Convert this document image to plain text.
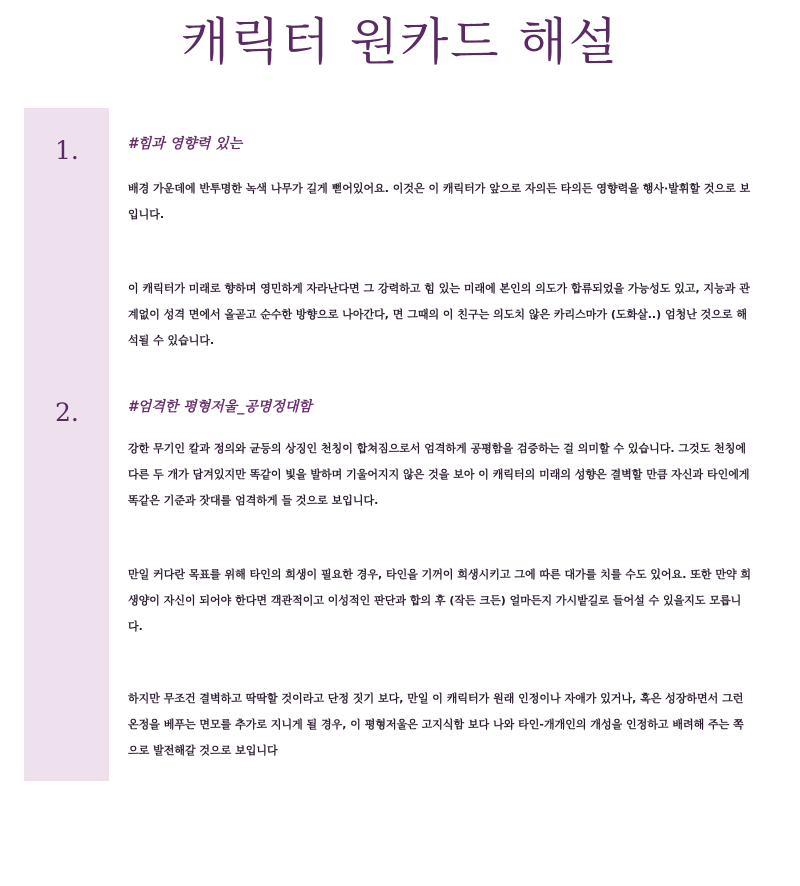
캐릭터 원카드 해설
1.	#힘과 영향력 있는

배경 가운데에 반투명한 녹색 나무가 길게 뻗어있어요. 이것은 이 캐릭터가 앞으로 자의든 타의든 영향력을 행사·발휘할 것으로 보입니다.

이 캐릭터가 미래로 향하며 영민하게 자라난다면 그 강력하고 힘 있는 미래에 본인의 의도가 합류되었을 가능성도 있고, 지능과 관계없이 성격 면에서 올곧고 순수한 방향으로 나아간다, 면 그때의 이 친구는 의도치 않은 카리스마가 (도화살..) 엄청난 것으로 해석될 수 있습니다.

2.	#엄격한 평형저울_공명정대함

강한 무기인 칼과 정의와 균등의 상징인 천칭이 합쳐짐으로서 엄격하게 공평함을 검증하는 걸 의미할 수 있습니다. 그것도 천칭에 다른 두 개가 담겨있지만 똑같이 빛을 발하며 기울어지지 않은 것을 보아 이 캐릭터의 미래의 성향은 결벽할 만큼 자신과 타인에게 똑같은 기준과 잣대를 엄격하게 들 것으로 보입니다.

만일 커다란 목표를 위해 타인의 희생이 필요한 경우, 타인을 기꺼이 희생시키고 그에 따른 대가를 치를 수도 있어요. 또한 만약 희생양이 자신이 되어야 한다면 객관적이고 이성적인 판단과 합의 후 (작든 크든) 얼마든지 가시밭길로 들어설 수 있을지도 모릅니다.

하지만 무조건 결벽하고 딱딱할 것이라고 단정 짓기 보다, 만일 이 캐릭터가 원래 인정이나 자애가 있거나, 혹은 성장하면서 그런 온정을 베푸는 면모를 추가로 지니게 될 경우, 이 평형저울은 고지식함 보다 나와 타인-개개인의 개성을 인정하고 배려해 주는 쪽으로 발전해갈 것으로 보입니다
